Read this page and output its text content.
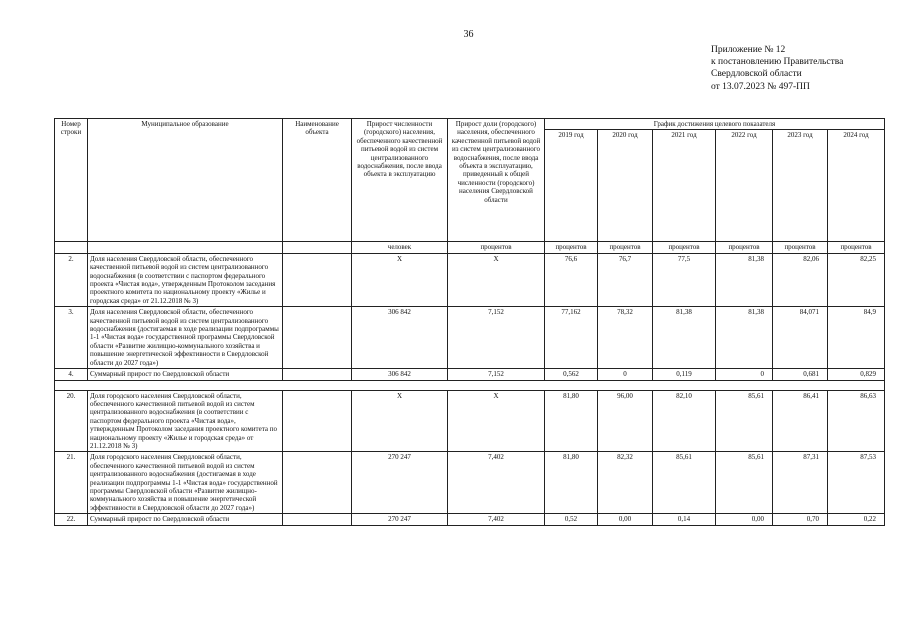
36
Приложение № 12
к постановлению Правительства
Свердловской области
от 13.07.2023 № 497-ПП
Номер строки	Муниципальное образование	Наименование объекта	Прирост численности (городского) населения, обеспеченного качественной питьевой водой из систем централизованного водоснабжения, после ввода объекта в эксплуатацию	Прирост доли (городского) населения, обеспеченного качественной питьевой водой из систем централизованного водоснабжения, после ввода объекта в эксплуатацию, приведенный к общей численности (городского) населения Свердловской области	График достижения целевого показателя					
					2019 год	2020 год	2021 год	2022 год	2023 год	2024 год
			человек	процентов	процентов	процентов	процентов	процентов	процентов	процентов
2.	Доля населения Свердловской области, обеспеченного качественной питьевой водой из систем централизованного водоснабжения (в соответствии с паспортом федерального проекта «Чистая вода», утвержденным Протоколом заседания проектного комитета по национальному проекту «Жилье и городская среда» от 21.12.2018 № 3)		X	X	76,6	76,7	77,5	81,38	82,06	82,25
3.	Доля населения Свердловской области, обеспеченного качественной питьевой водой из систем централизованного водоснабжения (достигаемая в ходе реализации подпрограммы 1-1 «Чистая вода» государственной программы Свердловской области «Развитие жилищно-коммунального хозяйства и повышение энергетической эффективности в Свердловской области до 2027 года»)		306 842	7,152	77,162	78,32	81,38	81,38	84,071	84,9
4.	Суммарный прирост по Свердловской области		306 842	7,152	0,562	0	0,119	0	0,681	0,829

20.	Доля городского населения Свердловской области, обеспеченного качественной питьевой водой из систем централизованного водоснабжения (в соответствии с паспортом федерального проекта «Чистая вода», утвержденным Протоколом заседания проектного комитета по национальному проекту «Жилье и городская среда» от 21.12.2018 № 3)		X	X	81,80	96,00	82,10	85,61	86,41	86,63
21.	Доля городского населения Свердловской области, обеспеченного качественной питьевой водой из систем централизованного водоснабжения (достигаемая в ходе реализации подпрограммы 1-1 «Чистая вода» государственной программы Свердловской области «Развитие жилищно-коммунального хозяйства и повышение энергетической эффективности в Свердловской области до 2027 года»)		270 247	7,402	81,80	82,32	85,61	85,61	87,31	87,53
22.	Суммарный прирост по Свердловской области		270 247	7,402	0,52	0,00	0,14	0,00	0,70	0,22
